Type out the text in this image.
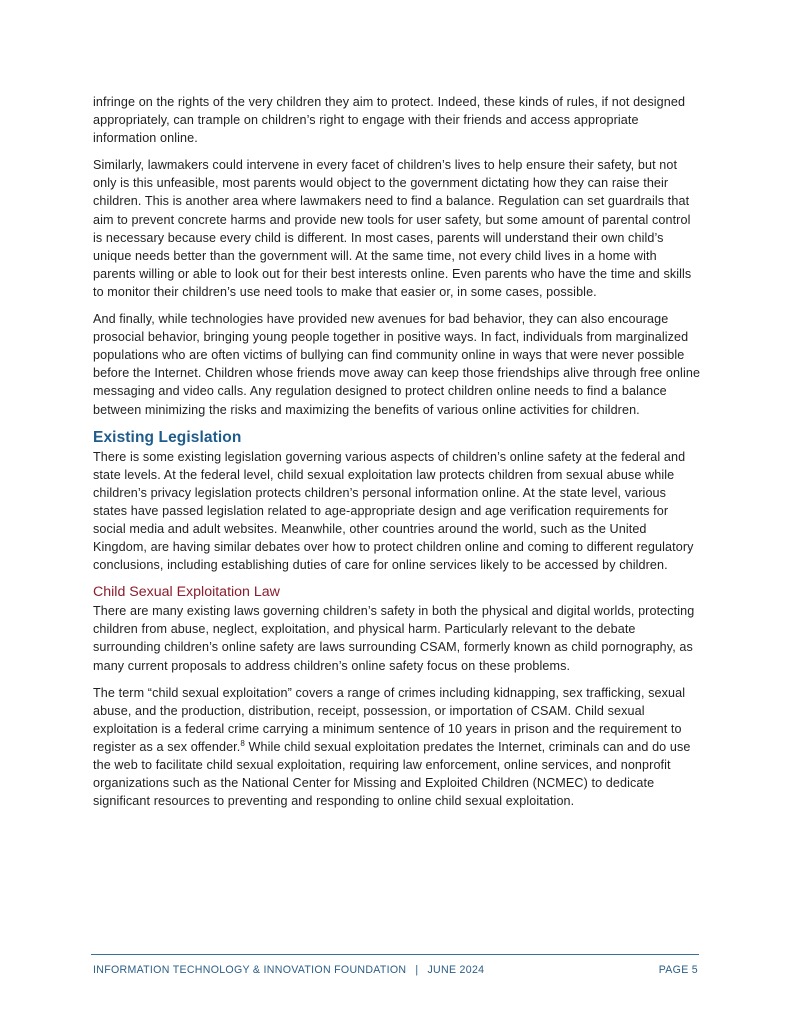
infringe on the rights of the very children they aim to protect. Indeed, these kinds of rules, if not designed appropriately, can trample on children’s right to engage with their friends and access appropriate information online.

Similarly, lawmakers could intervene in every facet of children’s lives to help ensure their safety, but not only is this unfeasible, most parents would object to the government dictating how they can raise their children. This is another area where lawmakers need to find a balance. Regulation can set guardrails that aim to prevent concrete harms and provide new tools for user safety, but some amount of parental control is necessary because every child is different. In most cases, parents will understand their own child’s unique needs better than the government will. At the same time, not every child lives in a home with parents willing or able to look out for their best interests online. Even parents who have the time and skills to monitor their children’s use need tools to make that easier or, in some cases, possible.

And finally, while technologies have provided new avenues for bad behavior, they can also encourage prosocial behavior, bringing young people together in positive ways. In fact, individuals from marginalized populations who are often victims of bullying can find community online in ways that were never possible before the Internet. Children whose friends move away can keep those friendships alive through free online messaging and video calls. Any regulation designed to protect children online needs to find a balance between minimizing the risks and maximizing the benefits of various online activities for children.

Existing Legislation

There is some existing legislation governing various aspects of children’s online safety at the federal and state levels. At the federal level, child sexual exploitation law protects children from sexual abuse while children’s privacy legislation protects children’s personal information online. At the state level, various states have passed legislation related to age-appropriate design and age verification requirements for social media and adult websites. Meanwhile, other countries around the world, such as the United Kingdom, are having similar debates over how to protect children online and coming to different regulatory conclusions, including establishing duties of care for online services likely to be accessed by children.

Child Sexual Exploitation Law

There are many existing laws governing children’s safety in both the physical and digital worlds, protecting children from abuse, neglect, exploitation, and physical harm. Particularly relevant to the debate surrounding children’s online safety are laws surrounding CSAM, formerly known as child pornography, as many current proposals to address children’s online safety focus on these problems.

The term “child sexual exploitation” covers a range of crimes including kidnapping, sex trafficking, sexual abuse, and the production, distribution, receipt, possession, or importation of CSAM. Child sexual exploitation is a federal crime carrying a minimum sentence of 10 years in prison and the requirement to register as a sex offender.$^8$ While child sexual exploitation predates the Internet, criminals can and do use the web to facilitate child sexual exploitation, requiring law enforcement, online services, and nonprofit organizations such as the National Center for Missing and Exploited Children (NCMEC) to dedicate significant resources to preventing and responding to online child sexual exploitation.

INFORMATION TECHNOLOGY & INNOVATION FOUNDATION | JUNE 2024	PAGE 5
